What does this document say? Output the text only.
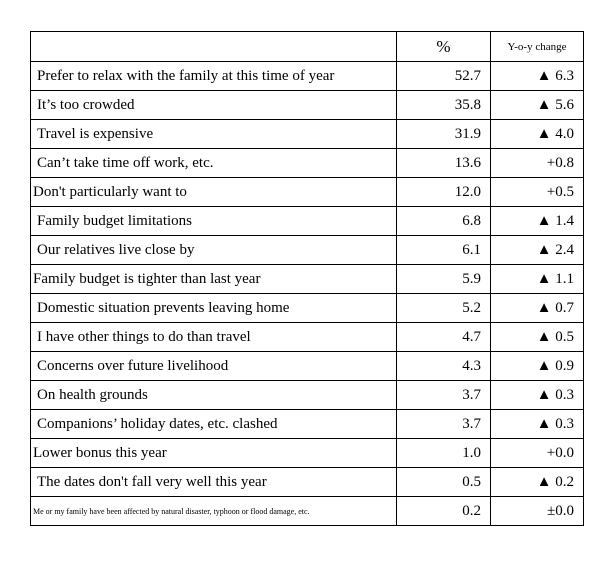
	%	Y-o-y change
Prefer to relax with the family at this time of year	52.7	▲ 6.3
It’s too crowded	35.8	▲ 5.6
Travel is expensive	31.9	▲ 4.0
Can’t take time off work, etc.	13.6	+0.8
Don't particularly want to	12.0	+0.5
Family budget limitations	6.8	▲ 1.4
Our relatives live close by	6.1	▲ 2.4
Family budget is tighter than last year	5.9	▲ 1.1
Domestic situation prevents leaving home	5.2	▲ 0.7
I have other things to do than travel	4.7	▲ 0.5
Concerns over future livelihood	4.3	▲ 0.9
On health grounds	3.7	▲ 0.3
Companions’ holiday dates, etc. clashed	3.7	▲ 0.3
Lower bonus this year	1.0	+0.0
The dates don't fall very well this year	0.5	▲ 0.2
Me or my family have been affected by natural disaster, typhoon or flood damage, etc.	0.2	±0.0
